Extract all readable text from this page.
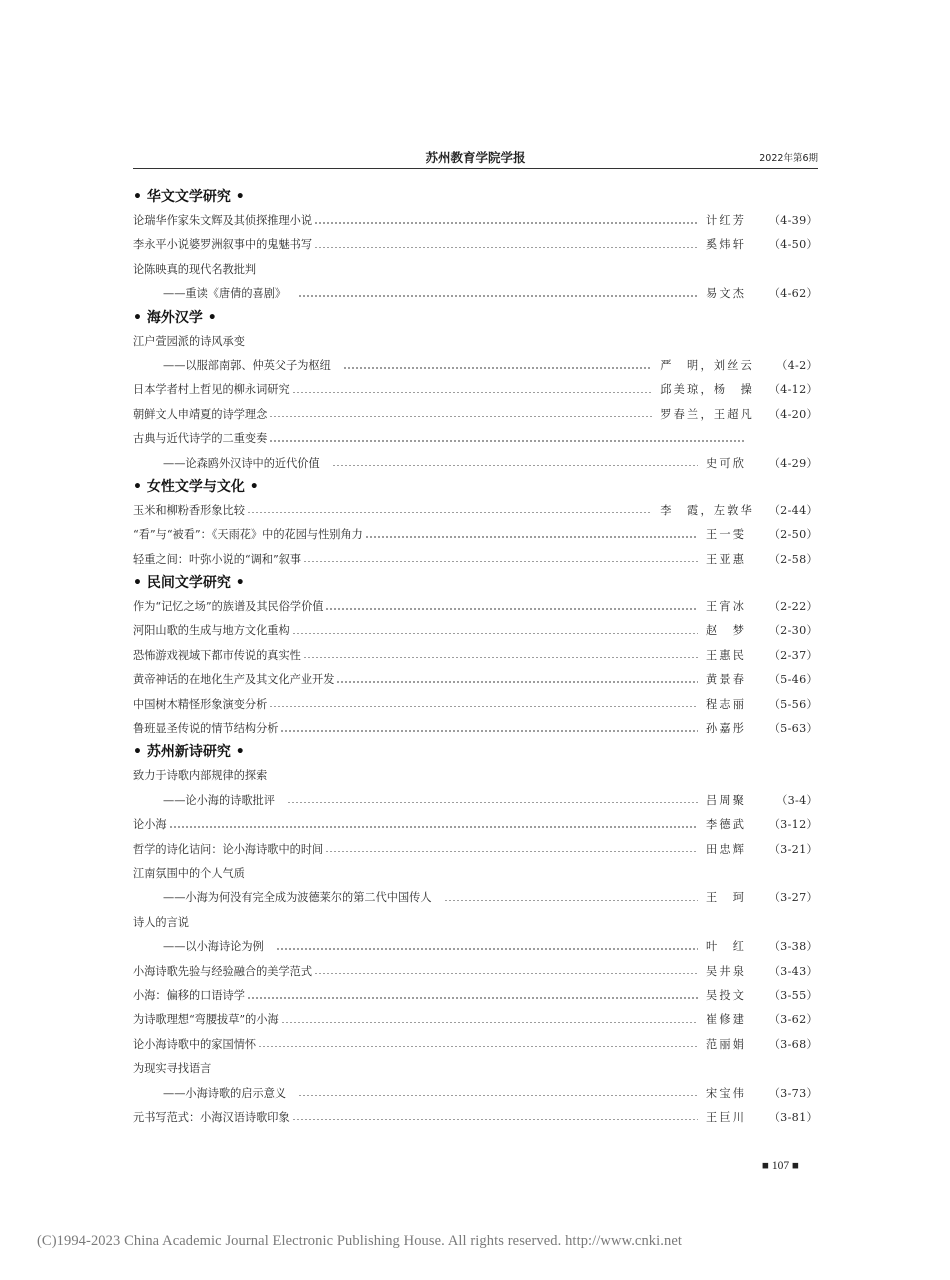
苏州教育学院学报	2022年第6期
• 华文文学研究 •
论瑞华作家朱文辉及其侦探推理小说	计红芳	（4-39）
李永平小说婆罗洲叙事中的鬼魅书写	奚炜轩	（4-50）
论陈映真的现代名教批判
——重读《唐倩的喜剧》	易文杰	（4-62）
• 海外汉学 •
江户萱园派的诗风承变
——以服部南郭、仲英父子为枢纽	严　明，刘丝云	（4-2）
日本学者村上哲见的柳永词研究	邱美琼，杨　操	（4-12）
朝鲜文人申靖夏的诗学理念	罗春兰，王超凡	（4-20）
古典与近代诗学的二重变奏
——论森鸥外汉诗中的近代价值	史可欣	（4-29）
• 女性文学与文化 •
玉米和柳粉香形象比较	李　霞，左敦华	（2-44）
“看”与“被看”：《天雨花》中的花园与性别角力	王一雯	（2-50）
轻重之间：叶弥小说的“调和”叙事	王亚惠	（2-58）
• 民间文学研究 •
作为“记忆之场”的族谱及其民俗学价值	王宵冰	（2-22）
河阳山歌的生成与地方文化重构	赵　梦	（2-30）
恐怖游戏视域下都市传说的真实性	王惠民	（2-37）
黄帝神话的在地化生产及其文化产业开发	黄景春	（5-46）
中国树木精怪形象演变分析	程志丽	（5-56）
鲁班显圣传说的情节结构分析	孙嘉彤	（5-63）
• 苏州新诗研究 •
致力于诗歌内部规律的探索
——论小海的诗歌批评	吕周聚	（3-4）
论小海	李德武	（3-12）
哲学的诗化诘问：论小海诗歌中的时间	田忠辉	（3-21）
江南氛围中的个人气质
——小海为何没有完全成为波德莱尔的第二代中国传人	王　珂	（3-27）
诗人的言说
——以小海诗论为例	叶　红	（3-38）
小海诗歌先验与经验融合的美学范式	吴井泉	（3-43）
小海：偏移的口语诗学	吴投文	（3-55）
为诗歌理想“弯腰拔草”的小海	崔修建	（3-62）
论小海诗歌中的家国情怀	范丽娟	（3-68）
为现实寻找语言
——小海诗歌的启示意义	宋宝伟	（3-73）
元书写范式：小海汉语诗歌印象	王巨川	（3-81）
■ 107 ■
(C)1994-2023 China Academic Journal Electronic Publishing House. All rights reserved. http://www.cnki.net
